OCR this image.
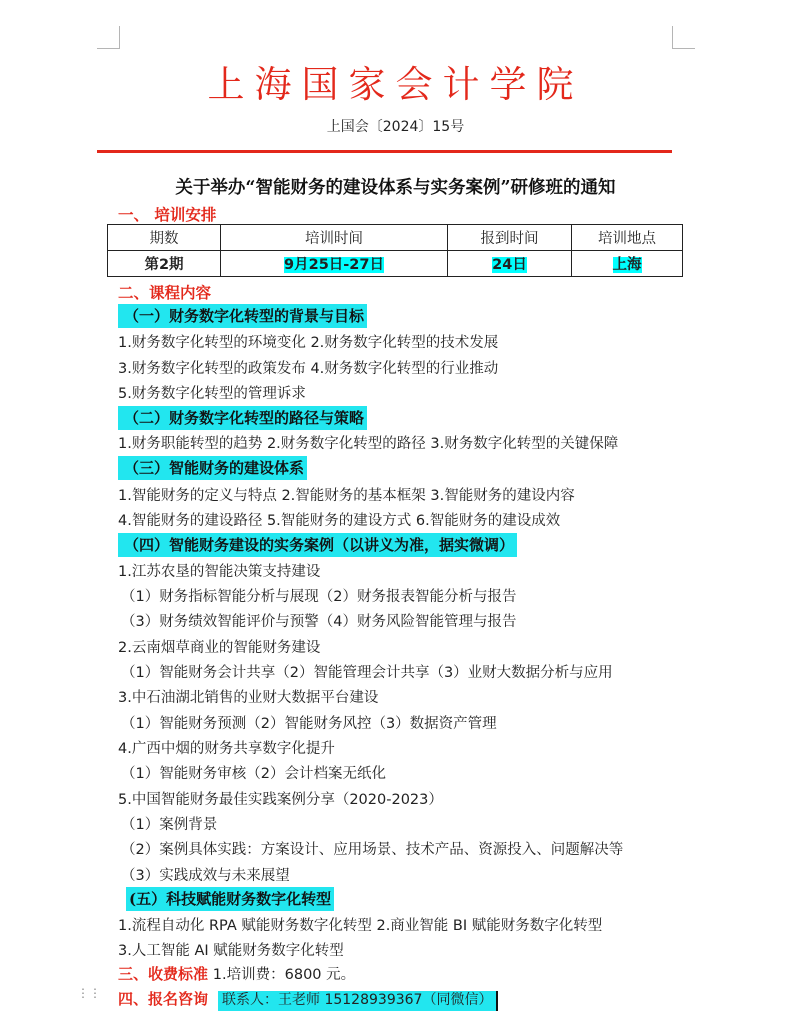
上海国家会计学院
上国会〔2024〕15号
关于举办“智能财务的建设体系与实务案例”研修班的通知
一、 培训安排
期数	培训时间	报到时间	培训地点
第2期	9月25日-27日	24日	上海
二、课程内容
（一）财务数字化转型的背景与目标
1.财务数字化转型的环境变化 2.财务数字化转型的技术发展
3.财务数字化转型的政策发布 4.财务数字化转型的行业推动
5.财务数字化转型的管理诉求
（二）财务数字化转型的路径与策略
1.财务职能转型的趋势 2.财务数字化转型的路径 3.财务数字化转型的关键保障
（三）智能财务的建设体系
1.智能财务的定义与特点 2.智能财务的基本框架 3.智能财务的建设内容
4.智能财务的建设路径 5.智能财务的建设方式 6.智能财务的建设成效
（四）智能财务建设的实务案例（以讲义为准，据实微调）
1.江苏农垦的智能决策支持建设
（1）财务指标智能分析与展现（2）财务报表智能分析与报告
（3）财务绩效智能评价与预警（4）财务风险智能管理与报告
2.云南烟草商业的智能财务建设
（1）智能财务会计共享（2）智能管理会计共享（3）业财大数据分析与应用
3.中石油湖北销售的业财大数据平台建设
（1）智能财务预测（2）智能财务风控（3）数据资产管理
4.广西中烟的财务共享数字化提升
（1）智能财务审核（2）会计档案无纸化
5.中国智能财务最佳实践案例分享（2020-2023）
（1）案例背景
（2）案例具体实践：方案设计、应用场景、技术产品、资源投入、问题解决等
（3）实践成效与未来展望
(五）科技赋能财务数字化转型
1.流程自动化 RPA 赋能财务数字化转型 2.商业智能 BI 赋能财务数字化转型
3.人工智能 AI 赋能财务数字化转型
三、收费标准 1.培训费：6800 元。
⋮⋮ 四、报名咨询 联系人：王老师 15128939367（同微信）
